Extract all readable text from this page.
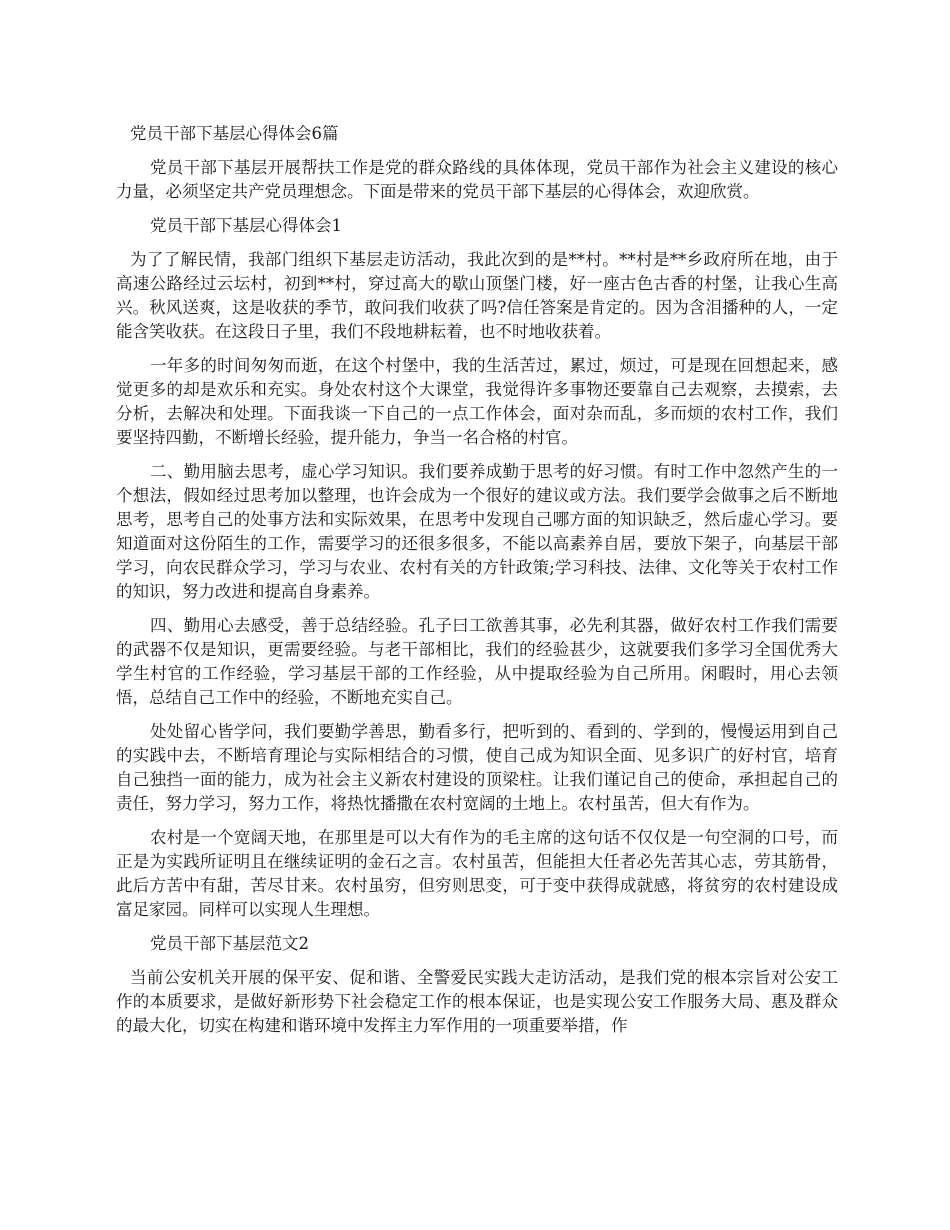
党员干部下基层心得体会6篇

党员干部下基层开展帮扶工作是党的群众路线的具体体现，党员干部作为社会主义建设的核心力量，必须坚定共产党员理想念。下面是带来的党员干部下基层的心得体会，欢迎欣赏。

党员干部下基层心得体会1

为了了解民情，我部门组织下基层走访活动，我此次到的是**村。**村是**乡政府所在地，由于高速公路经过云坛村，初到**村，穿过高大的歇山顶堡门楼，好一座古色古香的村堡，让我心生高兴。秋风送爽，这是收获的季节，敢问我们收获了吗?信任答案是肯定的。因为含泪播种的人，一定能含笑收获。在这段日子里，我们不段地耕耘着，也不时地收获着。

一年多的时间匆匆而逝，在这个村堡中，我的生活苦过，累过，烦过，可是现在回想起来，感觉更多的却是欢乐和充实。身处农村这个大课堂，我觉得许多事物还要靠自己去观察，去摸索，去分析，去解决和处理。下面我谈一下自己的一点工作体会，面对杂而乱，多而烦的农村工作，我们要坚持四勤，不断增长经验，提升能力，争当一名合格的村官。

二、勤用脑去思考，虚心学习知识。我们要养成勤于思考的好习惯。有时工作中忽然产生的一个想法，假如经过思考加以整理，也许会成为一个很好的建议或方法。我们要学会做事之后不断地思考，思考自己的处事方法和实际效果，在思考中发现自己哪方面的知识缺乏，然后虚心学习。要知道面对这份陌生的工作，需要学习的还很多很多，不能以高素养自居，要放下架子，向基层干部学习，向农民群众学习，学习与农业、农村有关的方针政策;学习科技、法律、文化等关于农村工作的知识，努力改进和提高自身素养。

四、勤用心去感受，善于总结经验。孔子曰工欲善其事，必先利其器，做好农村工作我们需要的武器不仅是知识，更需要经验。与老干部相比，我们的经验甚少，这就要我们多学习全国优秀大学生村官的工作经验，学习基层干部的工作经验，从中提取经验为自己所用。闲暇时，用心去领悟，总结自己工作中的经验，不断地充实自己。

处处留心皆学问，我们要勤学善思，勤看多行，把听到的、看到的、学到的，慢慢运用到自己的实践中去，不断培育理论与实际相结合的习惯，使自己成为知识全面、见多识广的好村官，培育自己独挡一面的能力，成为社会主义新农村建设的顶梁柱。让我们谨记自己的使命，承担起自己的责任，努力学习，努力工作，将热忱播撒在农村宽阔的土地上。农村虽苦，但大有作为。

农村是一个宽阔天地，在那里是可以大有作为的毛主席的这句话不仅仅是一句空洞的口号，而正是为实践所证明且在继续证明的金石之言。农村虽苦，但能担大任者必先苦其心志，劳其筋骨，此后方苦中有甜，苦尽甘来。农村虽穷，但穷则思变，可于变中获得成就感，将贫穷的农村建设成富足家园。同样可以实现人生理想。

党员干部下基层范文2

当前公安机关开展的保平安、促和谐、全警爱民实践大走访活动，是我们党的根本宗旨对公安工作的本质要求，是做好新形势下社会稳定工作的根本保证，也是实现公安工作服务大局、惠及群众的最大化，切实在构建和谐环境中发挥主力军作用的一项重要举措，作
